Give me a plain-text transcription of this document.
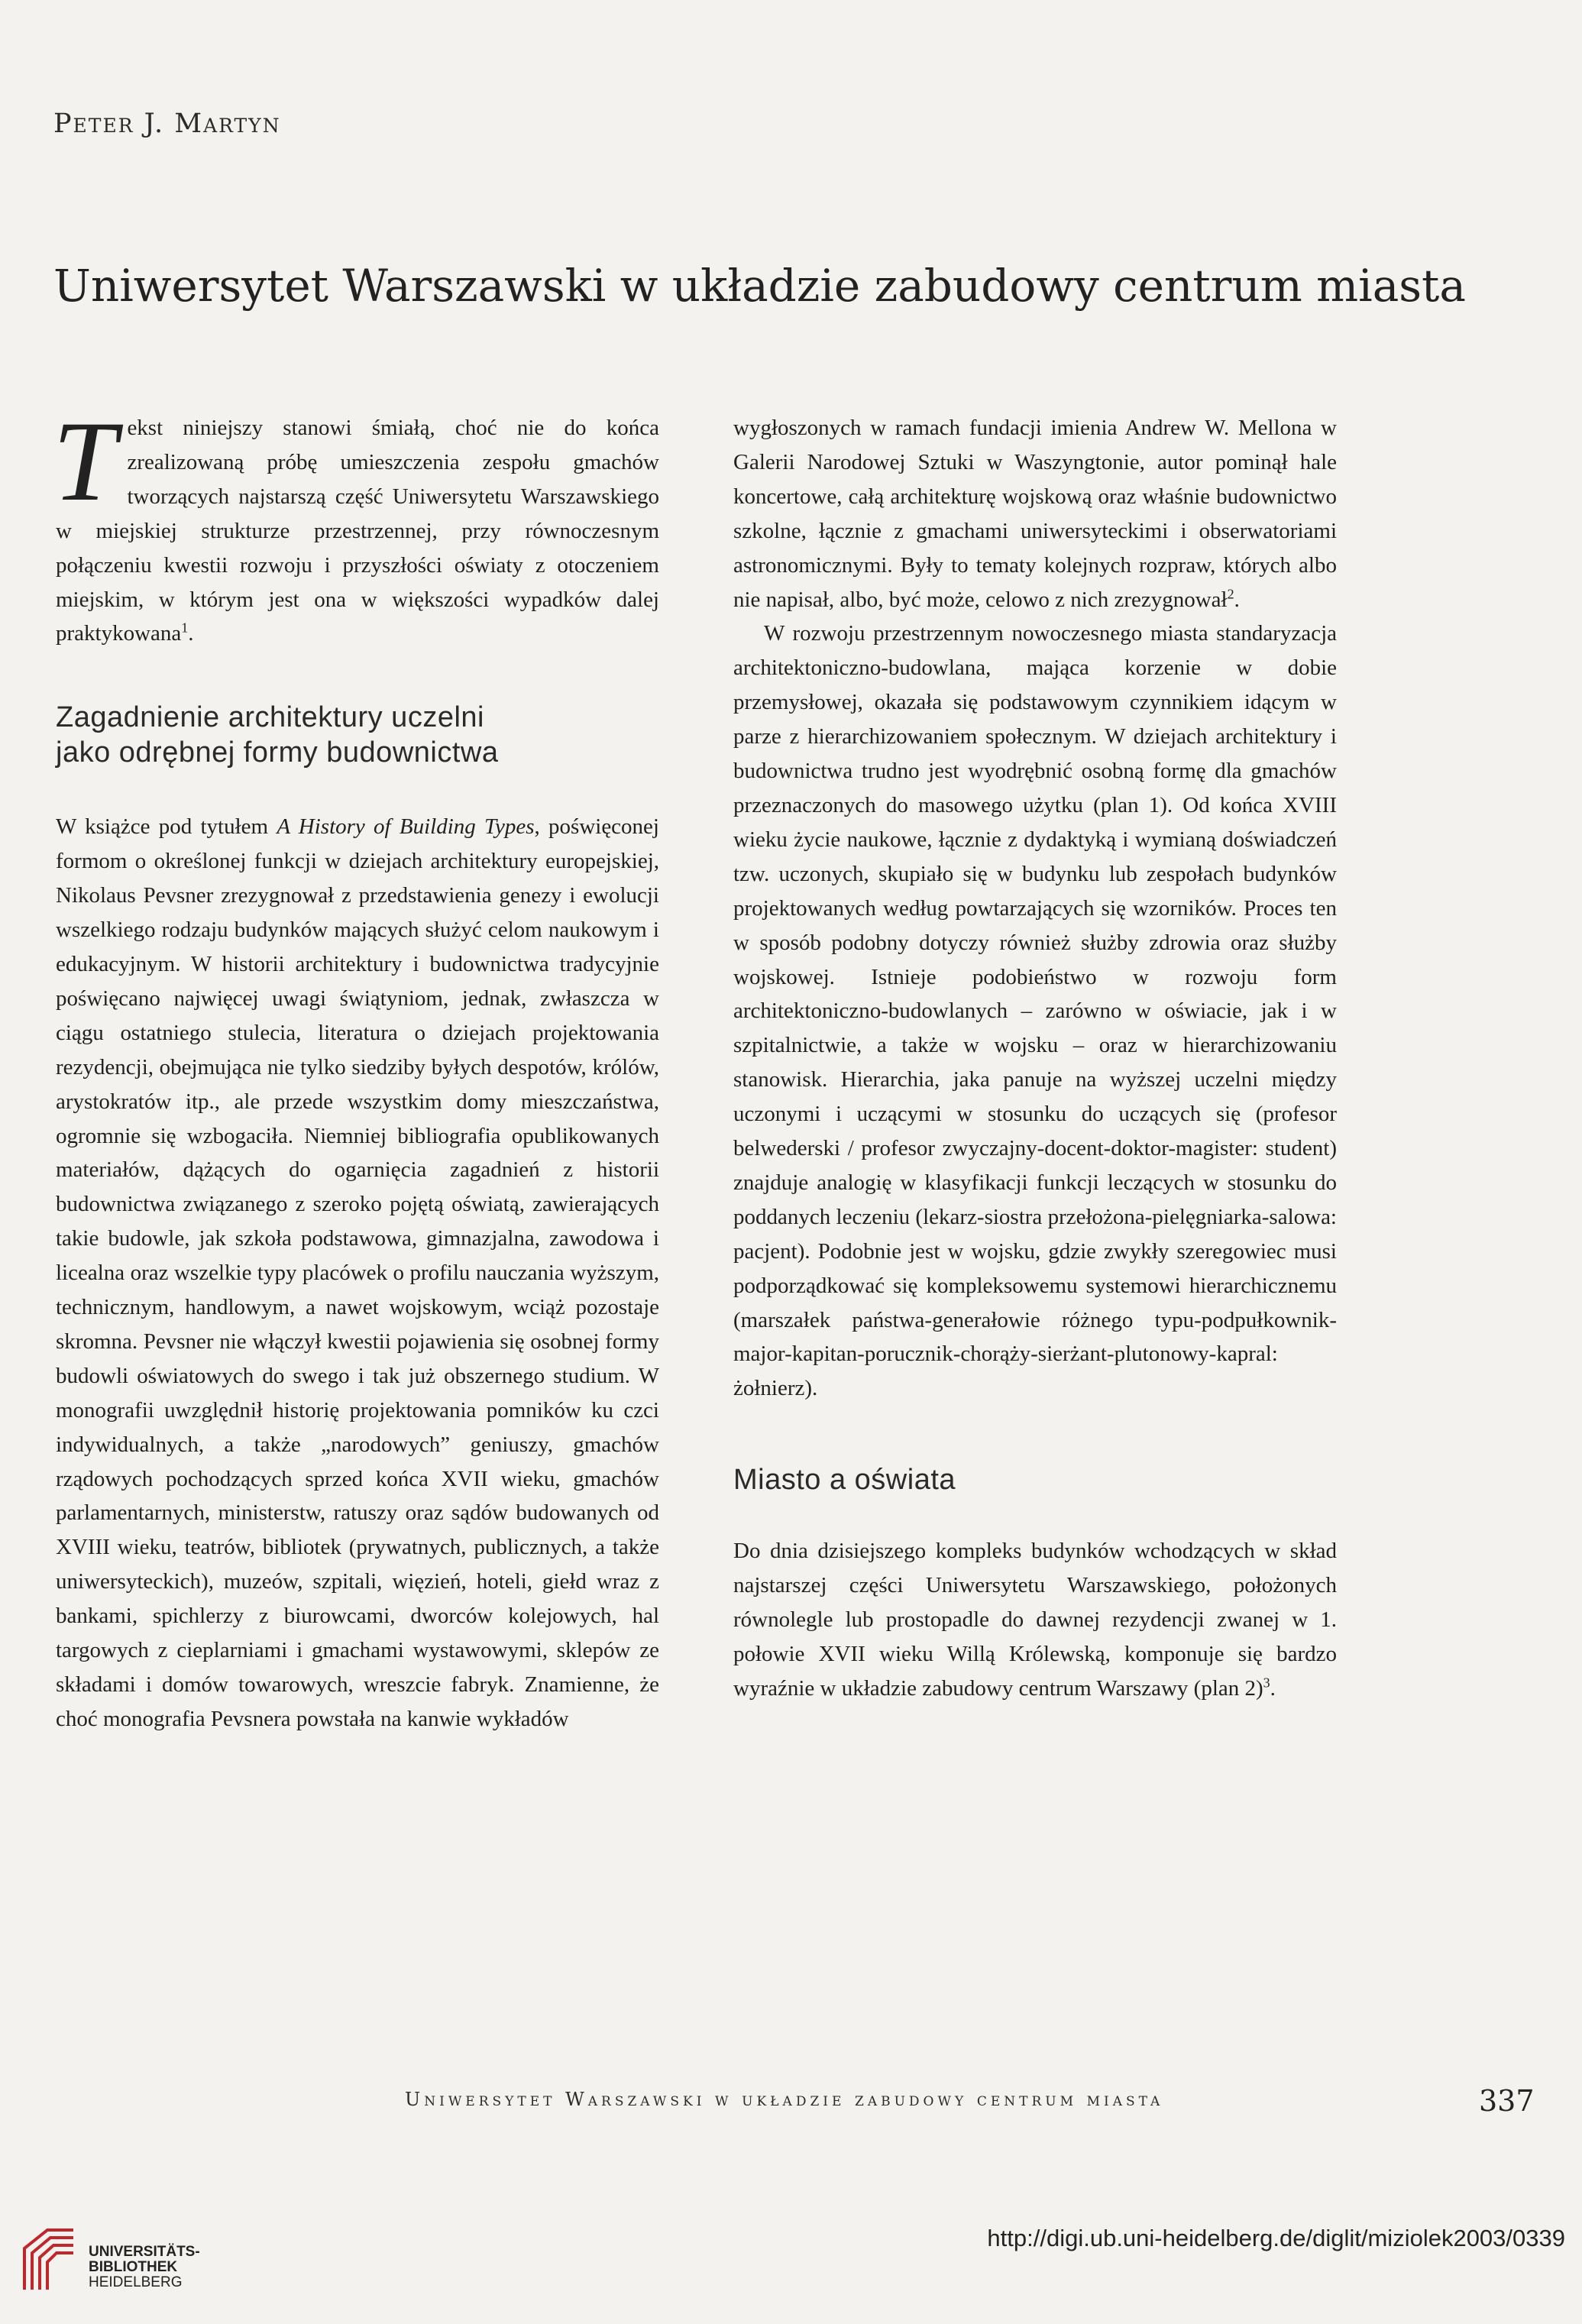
Peter J. Martyn
Uniwersytet Warszawski w układzie zabudowy centrum miasta

Tekst niniejszy stanowi śmiałą, choć nie do końca zrealizowaną próbę umieszczenia zespołu gmachów tworzących najstarszą część Uniwersytetu Warszawskiego w miejskiej strukturze przestrzennej, przy równoczesnym połączeniu kwestii rozwoju i przyszłości oświaty z otoczeniem miejskim, w którym jest ona w większości wypadków dalej praktykowana$^1$.

Zagadnienie architektury uczelni
jako odrębnej formy budownictwa

W książce pod tytułem A History of Building Types, poświęconej formom o określonej funkcji w dziejach architektury europejskiej, Nikolaus Pevsner zrezygnował z przedstawienia genezy i ewolucji wszelkiego rodzaju budynków mających służyć celom naukowym i edukacyjnym. W historii architektury i budownictwa tradycyjnie poświęcano najwięcej uwagi świątyniom, jednak, zwłaszcza w ciągu ostatniego stulecia, literatura o dziejach projektowania rezydencji, obejmująca nie tylko siedziby byłych despotów, królów, arystokratów itp., ale przede wszystkim domy mieszczaństwa, ogromnie się wzbogaciła. Niemniej bibliografia opublikowanych materiałów, dążących do ogarnięcia zagadnień z historii budownictwa związanego z szeroko pojętą oświatą, zawierających takie budowle, jak szkoła podstawowa, gimnazjalna, zawodowa i licealna oraz wszelkie typy placówek o profilu nauczania wyższym, technicznym, handlowym, a nawet wojskowym, wciąż pozostaje skromna. Pevsner nie włączył kwestii pojawienia się osobnej formy budowli oświatowych do swego i tak już obszernego studium. W monografii uwzględnił historię projektowania pomników ku czci indywidualnych, a także „narodowych” geniuszy, gmachów rządowych pochodzących sprzed końca XVII wieku, gmachów parlamentarnych, ministerstw, ratuszy oraz sądów budowanych od XVIII wieku, teatrów, bibliotek (prywatnych, publicznych, a także uniwersyteckich), muzeów, szpitali, więzień, hoteli, giełd wraz z bankami, spichlerzy z biurowcami, dworców kolejowych, hal targowych z cieplarniami i gmachami wystawowymi, sklepów ze składami i domów towarowych, wreszcie fabryk. Znamienne, że choć monografia Pevsnera powstała na kanwie wykładów

wygłoszonych w ramach fundacji imienia Andrew W. Mellona w Galerii Narodowej Sztuki w Waszyngtonie, autor pominął hale koncertowe, całą architekturę wojskową oraz właśnie budownictwo szkolne, łącznie z gmachami uniwersyteckimi i obserwatoriami astronomicznymi. Były to tematy kolejnych rozpraw, których albo nie napisał, albo, być może, celowo z nich zrezygnował$^2$.

W rozwoju przestrzennym nowoczesnego miasta standaryzacja architektoniczno-budowlana, mająca korzenie w dobie przemysłowej, okazała się podstawowym czynnikiem idącym w parze z hierarchizowaniem społecznym. W dziejach architektury i budownictwa trudno jest wyodrębnić osobną formę dla gmachów przeznaczonych do masowego użytku (plan 1). Od końca XVIII wieku życie naukowe, łącznie z dydaktyką i wymianą doświadczeń tzw. uczonych, skupiało się w budynku lub zespołach budynków projektowanych według powtarzających się wzorników. Proces ten w sposób podobny dotyczy również służby zdrowia oraz służby wojskowej. Istnieje podobieństwo w rozwoju form architektoniczno-budowlanych – zarówno w oświacie, jak i w szpitalnictwie, a także w wojsku – oraz w hierarchizowaniu stanowisk. Hierarchia, jaka panuje na wyższej uczelni między uczonymi i uczącymi w stosunku do uczących się (profesor belwederski / profesor zwyczajny-docent-doktor-magister: student) znajduje analogię w klasyfikacji funkcji leczących w stosunku do poddanych leczeniu (lekarz-siostra przełożona-pielęgniarka-salowa: pacjent). Podobnie jest w wojsku, gdzie zwykły szeregowiec musi podporządkować się kompleksowemu systemowi hierarchicznemu (marszałek państwa-generałowie różnego typu-podpułkownik-major-kapitan-porucznik-chorąży-sierżant-plutonowy-kapral: żołnierz).

Miasto a oświata

Do dnia dzisiejszego kompleks budynków wchodzących w skład najstarszej części Uniwersytetu Warszawskiego, położonych równolegle lub prostopadle do dawnej rezydencji zwanej w 1. połowie XVII wieku Willą Królewską, komponuje się bardzo wyraźnie w układzie zabudowy centrum Warszawy (plan 2)$^3$.

Uniwersytet Warszawski w układzie zabudowy centrum miasta	337
UNIVERSITÄTS-
BIBLIOTHEK
HEIDELBERG
http://digi.ub.uni-heidelberg.de/diglit/miziolek2003/0339
